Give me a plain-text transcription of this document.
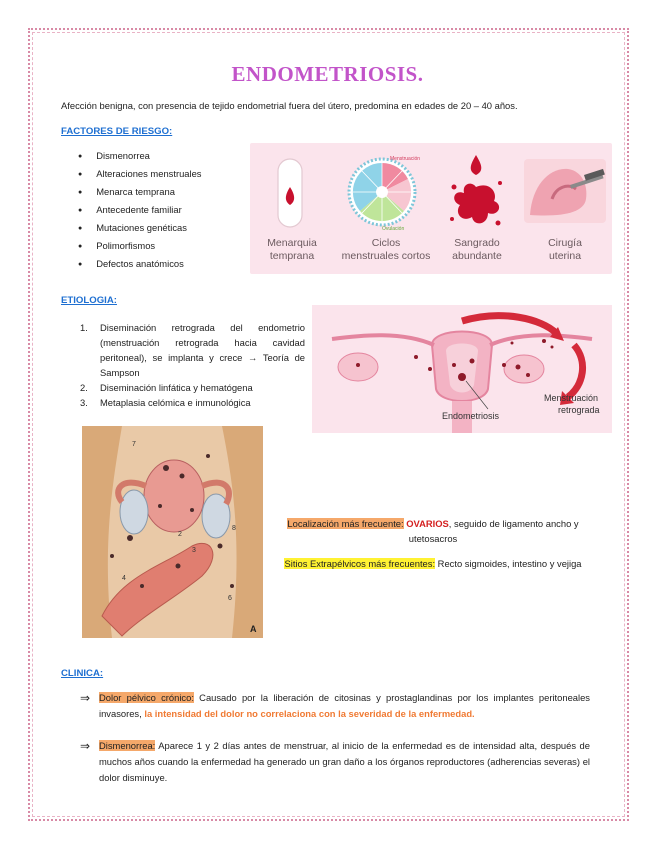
ENDOMETRIOSIS.
Afección benigna, con presencia de tejido endometrial fuera del útero, predomina en edades de 20 – 40 años.
FACTORES DE RIESGO:
● Dismenorrea
● Alteraciones menstruales
● Menarca temprana
● Antecedente familiar
● Mutaciones genéticas
● Polimorfismos
● Defectos anatómicos
Menstruación
Ovulación
Menarquia
temprana
Ciclos
menstruales cortos
Sangrado
abundante
Cirugía
uterina
ETIOLOGIA:
1. Diseminación retrograda del endometrio (menstruación retrograda hacia cavidad peritoneal), se implanta y crece → Teoría de Sampson
2. Diseminación linfática y hematógena
3. Metaplasia celómica e inmunológica
Endometriosis
Menstruación
retrograda
2
3
4
6
7
8
A
Localización más frecuente: OVARIOS, seguido de ligamento ancho y utetosacros
Sitios Extrapélvicos más frecuentes: Recto sigmoides, intestino y vejiga
CLINICA:
⇒ Dolor pélvico crónico: Causado por la liberación de citosinas y prostaglandinas por los implantes peritoneales invasores, la intensidad del dolor no correlaciona con la severidad de la enfermedad.
⇒ Dismenorrea: Aparece 1 y 2 días antes de menstruar, al inicio de la enfermedad es de intensidad alta, después de muchos años cuando la enfermedad ha generado un gran daño a los órganos reproductores (adherencias severas) el dolor disminuye.
